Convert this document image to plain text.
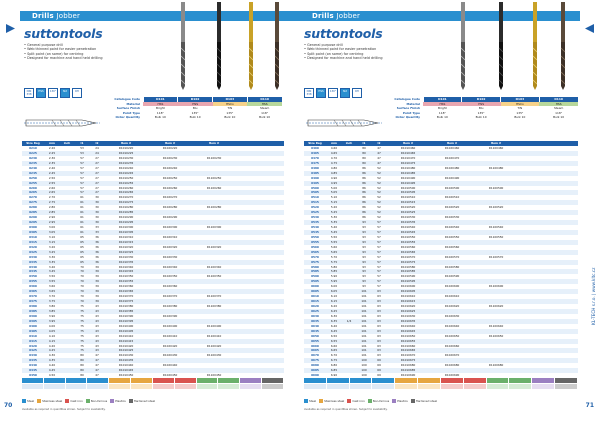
Drills Jobber
suttontools
• General purpose drill
• Web thinned point for easier penetration
• Split point (on some) for centring
• Designed for machine and hand held drilling
DIN 338
HSS	130°	Std	RH
Catalogue Code	D101	D102	D103	D110
Material	HSS	HSS	HSCo	HSS
Surface Finish	Bright	Blu	TiN	Steam
Point Type	118°	135°	135°	118°
Order Quantity	Bulk 10	Bulk 10	Bulk 10	Bulk 10
Size Reg	mm	inch	l1	l2	Item #	Item #	Item #
0219	2.20	53	24	D1010220	D1020220
0225	2.25	53	24	D1010225
0230	2.30	57	27	D1010230	D1020230	D1100230
0235	2.35	57	27	D1010235
0240	2.40	57	27	D1010240	D1020240
0245	2.45	57	27	D1010245
0250	2.50	57	27	D1010250	D1020250	D1100250
0255	2.55	57	27	D1010255
0260	2.60	57	27	D1010260	D1020260	D1100260
0265	2.65	57	27	D1010265
0270	2.70	61	30	D1010270	D1020270
0275	2.75	61	30	D1010275
0280	2.80	61	30	D1010280	D1020280	D1100280
0285	2.85	61	30	D1010285
0290	2.90	61	30	D1010290	D1020290
0295	2.95	61	30	D1010295
0300	3.00	61	33	D1010300	D1020300	D1100300
0305	3.05	61	33	D1010305
0310	3.10	65	36	D1010310	D1020310
0315	3.15	65	36	D1010315
0320	3.20	65	36	D1010320	D1020320	D1100320
0325	3.25	65	36	D1010325
0330	3.30	65	36	D1010330	D1020330
0335	3.35	65	36	D1010335
0340	3.40	70	39	D1010340	D1020340	D1100340
0345	3.45	70	39	D1010345
0350	3.50	70	39	D1010350	D1020350	D1100350
0355	3.55	70	39	D1010355
0360	3.60	70	39	D1010360	D1020360
0365	3.65	70	39	D1010365
0370	3.70	70	39	D1010370	D1020370	D1100370
0375	3.75	70	39	D1010375
0380	3.80	75	43	D1010380	D1020380	D1100380
0385	3.85	75	43	D1010385
0390	3.90	75	43	D1010390	D1020390
0395	3.95	75	43	D1010395
0400	4.00	75	43	D1010400	D1020400	D1100400
0405	4.05	75	43	D1010405
0410	4.10	75	43	D1010410	D1020410	D1100410
0415	4.15	75	43	D1010415
0420	4.20	75	43	D1010420	D1020420	D1100420
0425	4.25	75	43	D1010425
0430	4.30	80	47	D1010430	D1020430	D1100430
0435	4.35	80	47	D1010435
0440	4.40	80	47	D1010440	D1020440
0445	4.45	80	47	D1010445
0450	4.50	80	47	D1010450	D1020450	D1100450
Steel	Stainless steel	Cast iron	Non-ferrous	Plastics	Hardened steel
Available as required in quantities shown. Subject to availability.
70
Drills Jobber
suttontools
• General purpose drill
• Web thinned point for easier penetration
• Split point (on some) for centring
• Designed for machine and hand held drilling
DIN 338
HSS	130°	Std	RH
Catalogue Code	D101	D102	D103	D110
Material	HSS	HSS	HSCo	HSS
Surface Finish	Bright	Blu	TiN	Steam
Point Type	118°	135°	135°	118°
Order Quantity	Bulk 10	Bulk 10	Bulk 10	Bulk 10
Size Reg	mm	inch	l1	l2	Item #	Item #	Item #
0460	4.60	80	47	D1010460	D1020460	D1100460
0465	4.65	80	47	D1010465
0470	4.70	80	47	D1010470	D1020470
0475	4.75	80	47	D1010475
0480	4.80	86	52	D1010480	D1020480	D1100480
0485	4.85	86	52	D1010485
0490	4.90	86	52	D1010490	D1020490
0495	4.95	86	52	D1010495
0500	5.00	86	52	D1010500	D1020500	D1100500
0505	5.05	86	52	D1010505
0510	5.10	86	52	D1010510	D1020510
0515	5.15	86	52	D1010515
0520	5.20	86	52	D1010520	D1020520	D1100520
0525	5.25	86	52	D1010525
0530	5.30	86	52	D1010530	D1020530
0535	5.35	93	57	D1010535
0540	5.40	93	57	D1010540	D1020540	D1100540
0545	5.45	93	57	D1010545
0550	5.50	93	57	D1010550	D1020550	D1100550
0555	5.55	93	57	D1010555
0560	5.60	93	57	D1010560	D1020560
0565	5.65	93	57	D1010565
0570	5.70	93	57	D1010570	D1020570	D1100570
0575	5.75	93	57	D1010575
0580	5.80	93	57	D1010580	D1020580
0585	5.85	93	57	D1010585
0590	5.90	93	57	D1010590	D1020590
0595	5.95	93	57	D1010595
0600	6.00	93	57	D1010600	D1020600	D1100600
0605	6.05	101	63	D1010605
0610	6.10	101	63	D1010610	D1020610
0615	6.15	101	63	D1010615
0620	6.20	101	63	D1010620	D1020620	D1100620
0625	6.25	101	63	D1010625
0630	6.30	101	63	D1010630	D1020630
0635	6.35	1/4	101	63	D1010635
0640	6.40	101	63	D1010640	D1020640	D1100640
0645	6.45	101	63	D1010645
0650	6.50	101	63	D1010650	D1020650	D1100650
0655	6.55	101	63	D1010655
0660	6.60	101	63	D1010660	D1020660
0665	6.65	101	63	D1010665
0670	6.70	101	63	D1010670	D1020670
0675	6.75	109	69	D1010675
0680	6.80	109	69	D1010680	D1020680	D1100680
0685	6.85	109	69	D1010685
0690	6.90	109	69	D1010690	D1020690
KL-TECH s.r.o. | www.kltc.cz
Steel	Stainless steel	Cast iron	Non-ferrous	Plastics	Hardened steel
Available as required in quantities shown. Subject to availability.
71
